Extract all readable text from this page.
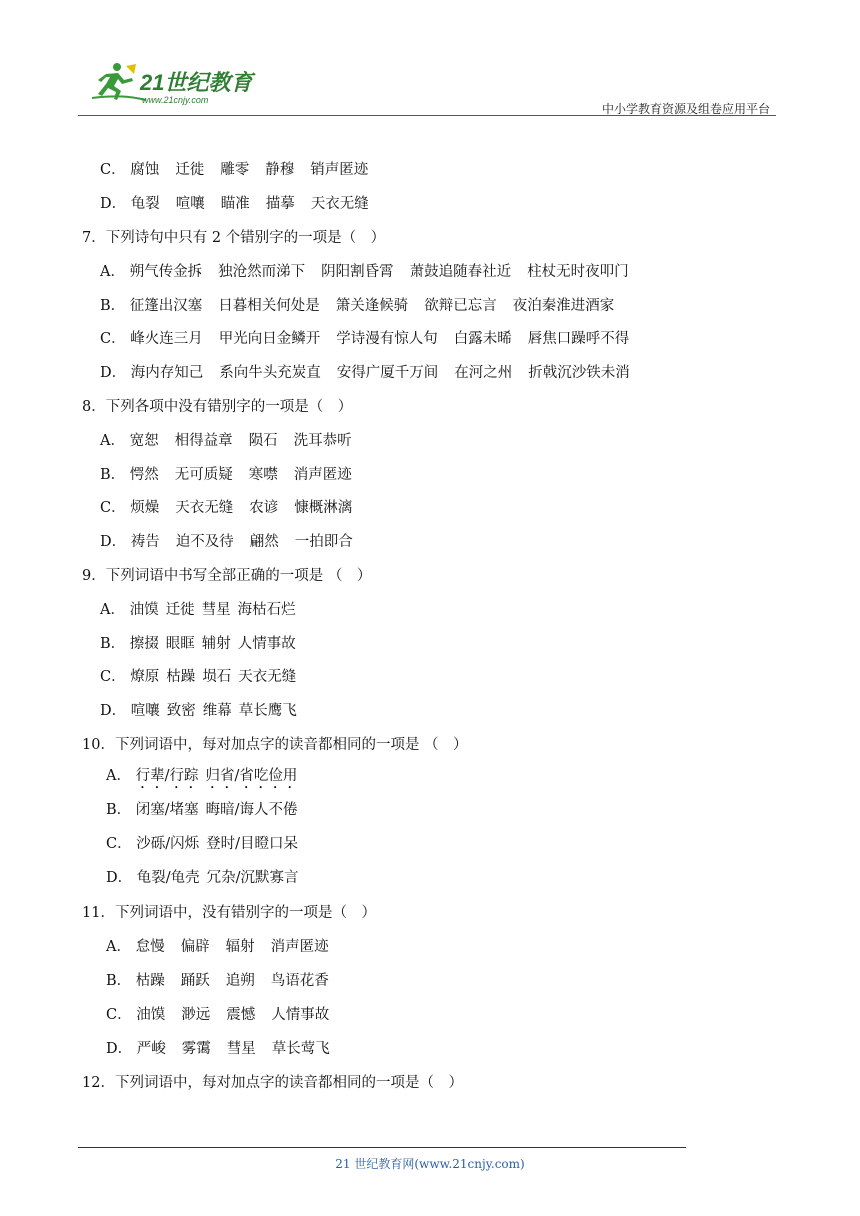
21世纪教育
www.21cnjy.com
中小学教育资源及组卷应用平台
C． 腐蚀 迁徙 雕零 静穆 销声匿迹
D． 龟裂 喧嚷 瞄准 描摹 天衣无缝
7．下列诗句中只有 2 个错别字的一项是（　）
A． 朔气传金拆 独沧然而涕下 阴阳割昏霄 萧鼓追随春社近 柱杖无时夜叩门
B． 征篷出汉塞 日暮相关何处是 箫关逢候骑 欲辩已忘言 夜泊秦淮进酒家
C． 峰火连三月 甲光向日金鳞开 学诗漫有惊人句 白露未晞 唇焦口躁呼不得
D． 海内存知己 系向牛头充炭直 安得广厦千万间 在河之州 折戟沉沙铁未消
8．下列各项中没有错别字的一项是（　）
A． 宽恕 相得益章 陨石 洗耳恭听
B． 愕然 无可质疑 寒噤 消声匿迹
C． 烦燥 天衣无缝 农谚 慷概淋漓
D． 祷告 迫不及待 翩然 一拍即合
9．下列词语中书写全部正确的一项是 （　）
A． 油馍 迁徙 彗星 海枯石烂
B． 擦掇 眼眶 辅射 人情事故
C． 燎原 枯躁 埙石 天衣无缝
D． 喧嚷 致密 维幕 草长鹰飞
10．下列词语中，每对加点字的读音都相同的一项是 （　）
A． 行辈/行踪 归省/省吃俭用
B． 闭塞/堵塞 晦暗/诲人不倦
C． 沙砾/闪烁 登时/目瞪口呆
D． 龟裂/龟壳 冗杂/沉默寡言
11．下列词语中，没有错别字的一项是（　）
A． 怠慢 偏辟 辐射 消声匿迹
B． 枯躁 踊跃 追朔 鸟语花香
C． 油馍 渺远 震憾 人情事故
D． 严峻 雾霭 彗星 草长莺飞
12．下列词语中，每对加点字的读音都相同的一项是（　）
21 世纪教育网(www.21cnjy.com)
